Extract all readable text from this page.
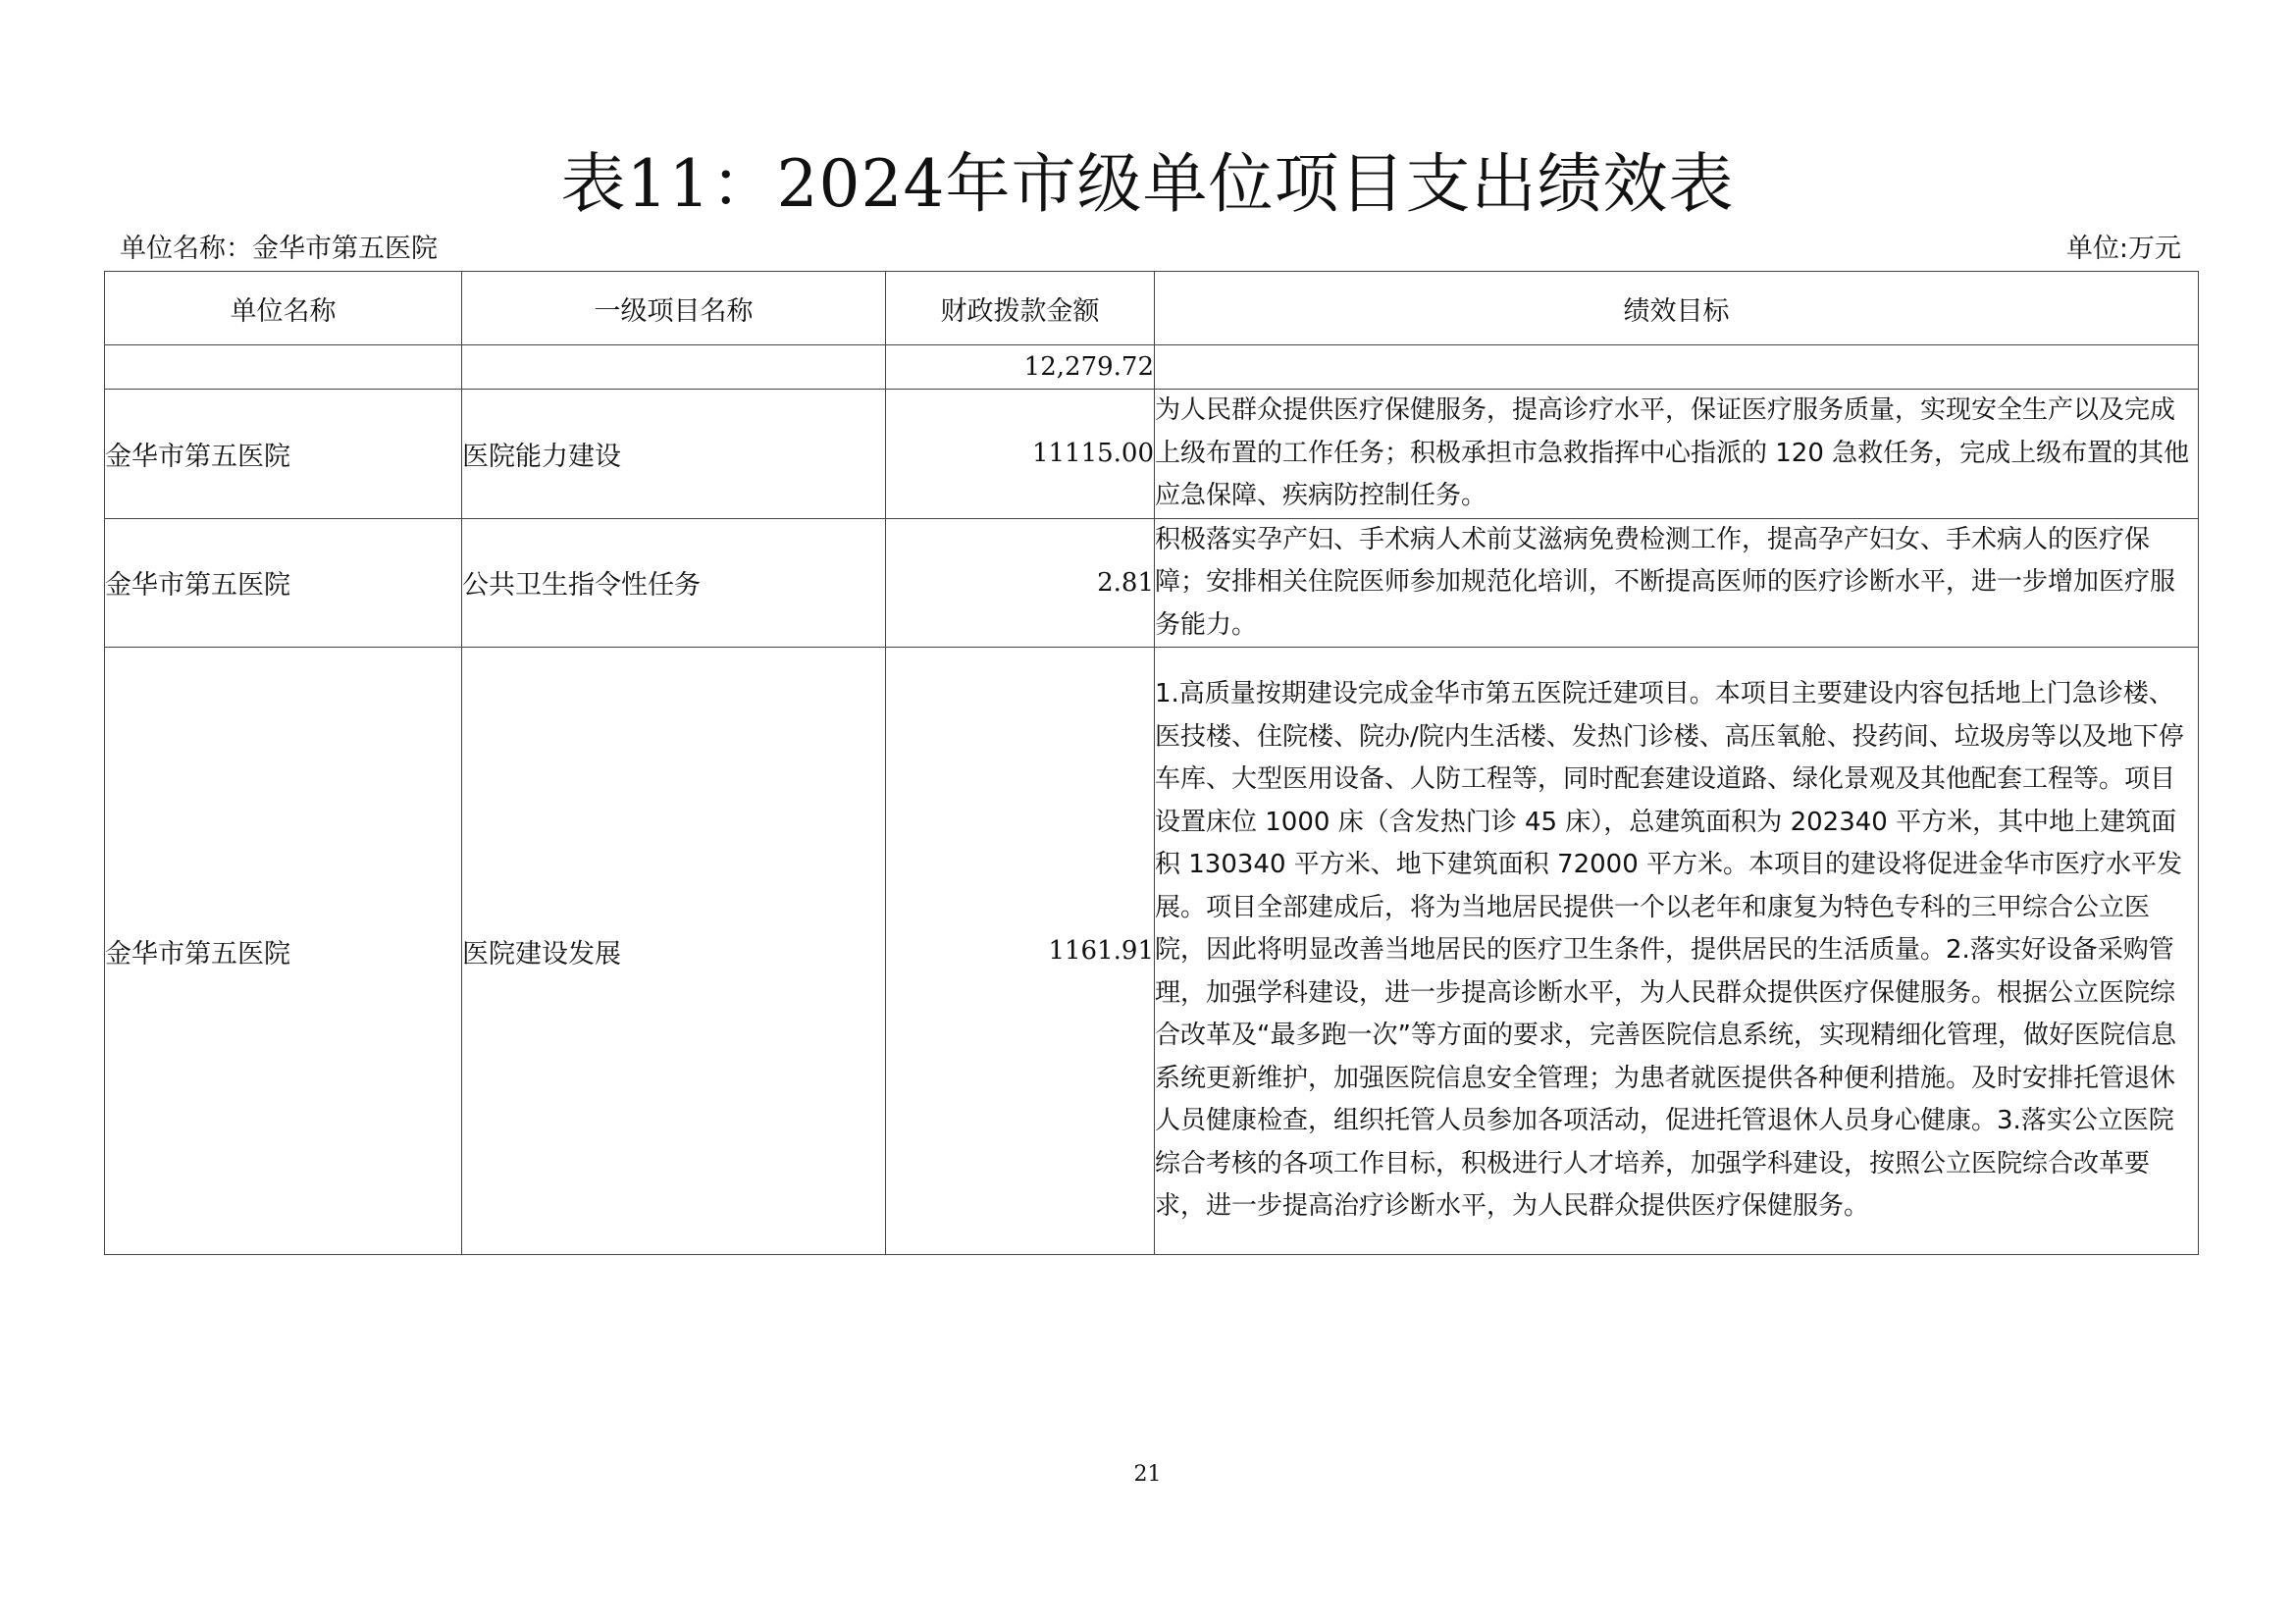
表11：2024年市级单位项目支出绩效表
单位名称：金华市第五医院	单位:万元
单位名称	一级项目名称	财政拨款金额	绩效目标
		12,279.72	
金华市第五医院	医院能力建设	11115.00	为人民群众提供医疗保健服务，提高诊疗水平，保证医疗服务质量，实现安全生产以及完成上级布置的工作任务；积极承担市急救指挥中心指派的 120 急救任务，完成上级布置的其他应急保障、疾病防控制任务。
金华市第五医院	公共卫生指令性任务	2.81	积极落实孕产妇、手术病人术前艾滋病免费检测工作，提高孕产妇女、手术病人的医疗保障；安排相关住院医师参加规范化培训，不断提高医师的医疗诊断水平，进一步增加医疗服务能力。
金华市第五医院	医院建设发展	1161.91	1.高质量按期建设完成金华市第五医院迁建项目。本项目主要建设内容包括地上门急诊楼、医技楼、住院楼、院办/院内生活楼、发热门诊楼、高压氧舱、投药间、垃圾房等以及地下停车库、大型医用设备、人防工程等，同时配套建设道路、绿化景观及其他配套工程等。项目设置床位 1000 床（含发热门诊 45 床），总建筑面积为 202340 平方米，其中地上建筑面积 130340 平方米、地下建筑面积 72000 平方米。本项目的建设将促进金华市医疗水平发展。项目全部建成后，将为当地居民提供一个以老年和康复为特色专科的三甲综合公立医院，因此将明显改善当地居民的医疗卫生条件，提供居民的生活质量。2.落实好设备采购管理，加强学科建设，进一步提高诊断水平，为人民群众提供医疗保健服务。根据公立医院综合改革及“最多跑一次”等方面的要求，完善医院信息系统，实现精细化管理，做好医院信息系统更新维护，加强医院信息安全管理；为患者就医提供各种便利措施。及时安排托管退休人员健康检查，组织托管人员参加各项活动，促进托管退休人员身心健康。3.落实公立医院综合考核的各项工作目标，积极进行人才培养，加强学科建设，按照公立医院综合改革要求，进一步提高治疗诊断水平，为人民群众提供医疗保健服务。
21
